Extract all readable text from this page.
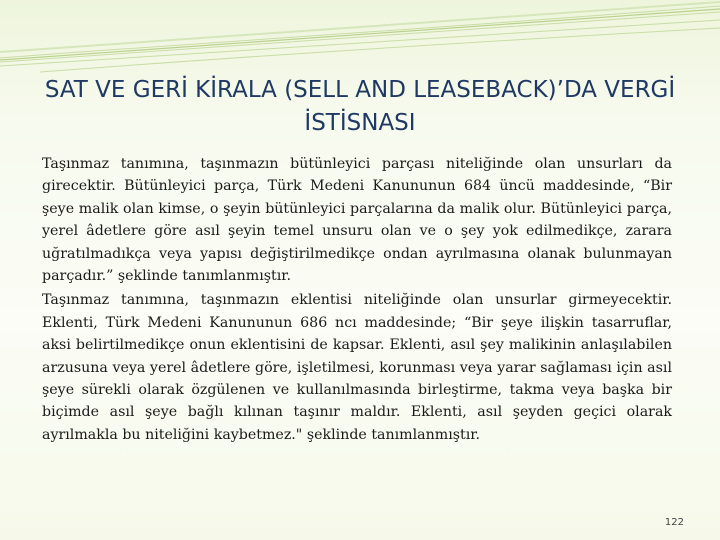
SAT VE GERİ KİRALA (SELL AND LEASEBACK)’DA VERGİ İSTİSNASI

Taşınmaz tanımına, taşınmazın bütünleyici parçası niteliğinde olan unsurları da girecektir. Bütünleyici parça, Türk Medeni Kanununun 684 üncü maddesinde, “Bir şeye malik olan kimse, o şeyin bütünleyici parçalarına da malik olur. Bütünleyici parça, yerel âdetlere göre asıl şeyin temel unsuru olan ve o şey yok edilmedikçe, zarara uğratılmadıkça veya yapısı değiştirilmedikçe ondan ayrılmasına olanak bulunmayan parçadır.” şeklinde tanımlanmıştır.

Taşınmaz tanımına, taşınmazın eklentisi niteliğinde olan unsurlar girmeyecektir. Eklenti, Türk Medeni Kanununun 686 ncı maddesinde; “Bir şeye ilişkin tasarruflar, aksi belirtilmedikçe onun eklentisini de kapsar. Eklenti, asıl şey malikinin anlaşılabilen arzusuna veya yerel âdetlere göre, işletilmesi, korunması veya yarar sağlaması için asıl şeye sürekli olarak özgülenen ve kullanılmasında birleştirme, takma veya başka bir biçimde asıl şeye bağlı kılınan taşınır maldır. Eklenti, asıl şeyden geçici olarak ayrılmakla bu niteliğini kaybetmez." şeklinde tanımlanmıştır.

122
